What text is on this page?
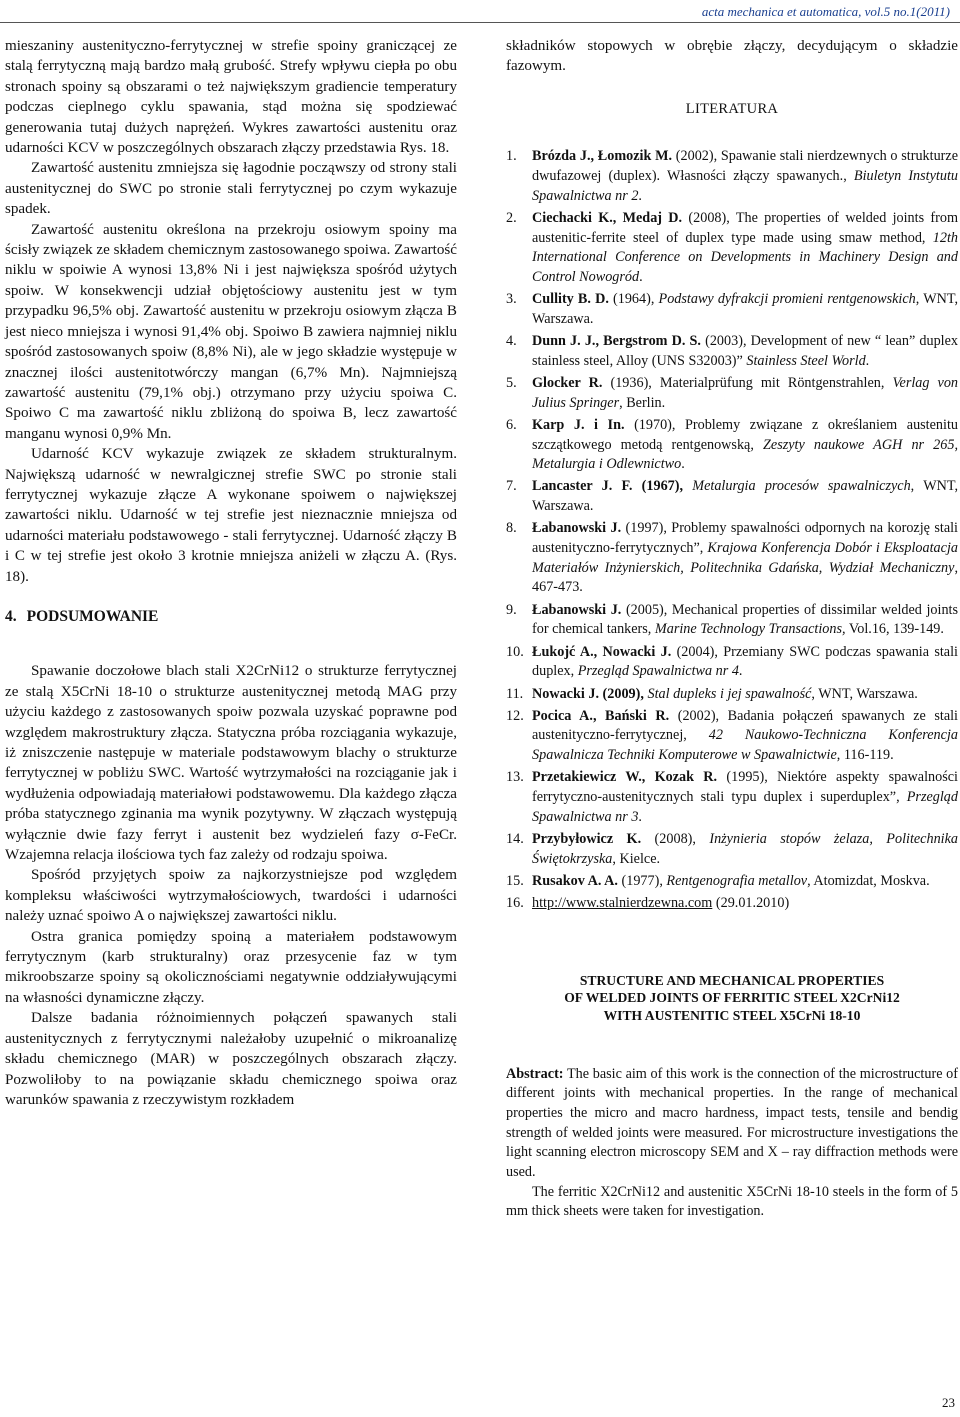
acta mechanica et automatica, vol.5 no.1(2011)

mieszaniny austenityczno-ferrytycznej w strefie spoiny graniczącej ze stalą ferrytyczną mają bardzo małą grubość. Strefy wpływu ciepła po obu stronach spoiny są obszarami o też największym gradiencie temperatury podczas cieplnego cyklu spawania, stąd można się spodziewać generowania tutaj dużych naprężeń. Wykres zawartości austenitu oraz udarności KCV w poszczególnych obszarach złączy przedstawia Rys. 18.

Zawartość austenitu zmniejsza się łagodnie począwszy od strony stali austenitycznej do SWC po stronie stali ferrytycznej po czym wykazuje spadek.

Zawartość austenitu określona na przekroju osiowym spoiny ma ścisły związek ze składem chemicznym zastosowanego spoiwa. Zawartość niklu w spoiwie A wynosi 13,8% Ni i jest największa spośród użytych spoiw. W konsekwencji udział objętościowy austenitu jest w tym przypadku 96,5% obj. Zawartość austenitu w przekroju osiowym złącza B jest nieco mniejsza i wynosi 91,4% obj. Spoiwo B zawiera najmniej niklu spośród zastosowanych spoiw (8,8% Ni), ale w jego składzie występuje w znacznej ilości austenitotwórczy mangan (6,7% Mn). Najmniejszą zawartość austenitu (79,1% obj.) otrzymano przy użyciu spoiwa C. Spoiwo C ma zawartość niklu zbliżoną do spoiwa B, lecz zawartość manganu wynosi 0,9% Mn.

Udarność KCV wykazuje związek ze składem strukturalnym. Największą udarność w newralgicznej strefie SWC po stronie stali ferrytycznej wykazuje złącze A wykonane spoiwem o największej zawartości niklu. Udarność w tej strefie jest nieznacznie mniejsza od udarności materiału podstawowego - stali ferrytycznej. Udarność złączy B i C w tej strefie jest około 3 krotnie mniejsza aniżeli w złączu A. (Rys. 18).

4. PODSUMOWANIE

Spawanie doczołowe blach stali X2CrNi12 o strukturze ferrytycznej ze stalą X5CrNi 18-10 o strukturze austenitycznej metodą MAG przy użyciu każdego z zastosowanych spoiw pozwala uzyskać poprawne pod względem makrostruktury złącza. Statyczna próba rozciągania wykazuje, iż zniszczenie następuje w materiale podstawowym blachy o strukturze ferrytycznej w pobliżu SWC. Wartość wytrzymałości na rozciąganie jak i wydłużenia odpowiadają materiałowi podstawowemu. Dla każdego złącza próba statycznego zginania ma wynik pozytywny. W złączach występują wyłącznie dwie fazy ferryt i austenit bez wydzieleń fazy σ-FeCr. Wzajemna relacja ilościowa tych faz zależy od rodzaju spoiwa.

Spośród przyjętych spoiw za najkorzystniejsze pod względem kompleksu właściwości wytrzymałościowych, twardości i udarności należy uznać spoiwo A o największej zawartości niklu.

Ostra granica pomiędzy spoiną a materiałem podstawowym ferrytycznym (karb strukturalny) oraz przesycenie faz w tym mikroobszarze spoiny są okolicznościami negatywnie oddziaływującymi na własności dynamiczne złączy.

Dalsze badania różnoimiennych połączeń spawanych stali austenitycznych z ferrytycznymi należałoby uzupełnić o mikroanalizę składu chemicznego (MAR) w poszczególnych obszarach złączy. Pozwoliłoby to na powiązanie składu chemicznego spoiwa oraz warunków spawania z rzeczywistym rozkładem

składników stopowych w obrębie złączy, decydującym o składzie fazowym.

LITERATURA
1. Brózda J., Łomozik M. (2002), Spawanie stali nierdzewnych o strukturze dwufazowej (duplex). Własności złączy spawanych., Biuletyn Instytutu Spawalnictwa nr 2.
2. Ciechacki K., Medaj D. (2008), The properties of welded joints from austenitic-ferrite steel of duplex type made using smaw method, 12th International Conference on Developments in Machinery Design and Control Nowogród.
3. Cullity B. D. (1964), Podstawy dyfrakcji promieni rentgenowskich, WNT, Warszawa.
4. Dunn J. J., Bergstrom D. S. (2003), Development of new “ lean” duplex stainless steel, Alloy (UNS S32003)” Stainless Steel World.
5. Glocker R. (1936), Materialprüfung mit Röntgenstrahlen, Verlag von Julius Springer, Berlin.
6. Karp J. i In. (1970), Problemy związane z określaniem austenitu szczątkowego metodą rentgenowską, Zeszyty naukowe AGH nr 265, Metalurgia i Odlewnictwo.
7. Lancaster J. F. (1967), Metalurgia procesów spawalniczych, WNT, Warszawa.
8. Łabanowski J. (1997), Problemy spawalności odpornych na korozję stali austenityczno-ferrytycznych”, Krajowa Konferencja Dobór i Eksploatacja Materiałów Inżynierskich, Politechnika Gdańska, Wydział Mechaniczny, 467-473.
9. Łabanowski J. (2005), Mechanical properties of dissimilar welded joints for chemical tankers, Marine Technology Transactions, Vol.16, 139-149.
10. Łukojć A., Nowacki J. (2004), Przemiany SWC podczas spawania stali duplex, Przegląd Spawalnictwa nr 4.
11. Nowacki J. (2009), Stal dupleks i jej spawalność, WNT, Warszawa.
12. Pocica A., Bański R. (2002), Badania połączeń spawanych ze stali austenityczno-ferrytycznej, 42 Naukowo-Techniczna Konferencja Spawalnicza Techniki Komputerowe w Spawalnictwie, 116-119.
13. Przetakiewicz W., Kozak R. (1995), Niektóre aspekty spawalności ferrytyczno-austenitycznych stali typu duplex i superduplex”, Przegląd Spawalnictwa nr 3.
14. Przybyłowicz K. (2008), Inżynieria stopów żelaza, Politechnika Świętokrzyska, Kielce.
15. Rusakov A. A. (1977), Rentgenografia metallov, Atomizdat, Moskva.
16. http://www.stalnierdzewna.com (29.01.2010)
STRUCTURE AND MECHANICAL PROPERTIES
OF WELDED JOINTS OF FERRITIC STEEL X2CrNi12
WITH AUSTENITIC STEEL X5CrNi 18-10

Abstract: The basic aim of this work is the connection of the microstructure of different joints with mechanical properties. In the range of mechanical properties the micro and macro hardness, impact tests, tensile and bendig strength of welded joints were measured. For microstructure investigations the light scanning electron microscopy SEM and X – ray diffraction methods were used.

The ferritic X2CrNi12 and austenitic X5CrNi 18-10 steels in the form of 5 mm thick sheets were taken for investigation.

23
